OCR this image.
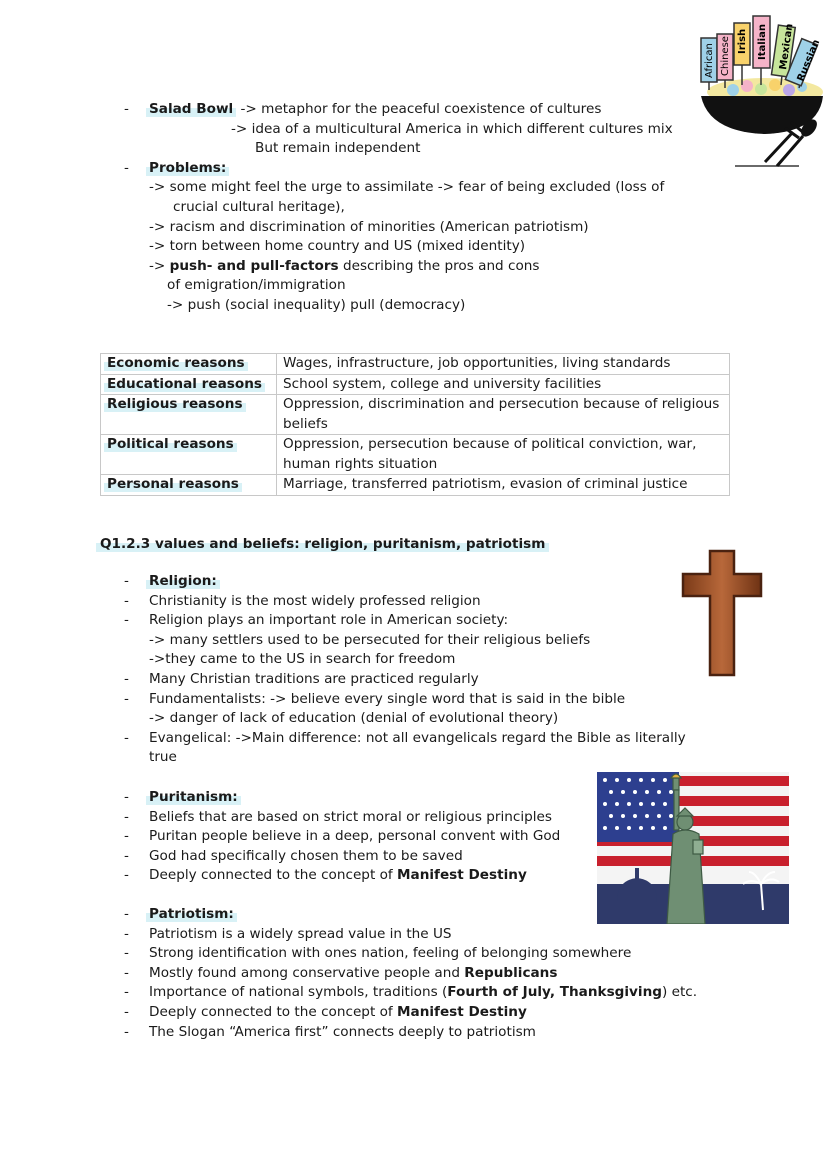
African Chinese Irish Italian Mexican Russian
- Salad Bowl -> metaphor for the peaceful coexistence of cultures
-> idea of a multicultural America in which different cultures mix
But remain independent
- Problems:
-> some might feel the urge to assimilate -> fear of being excluded (loss of
crucial cultural heritage),
-> racism and discrimination of minorities (American patriotism)
-> torn between home country and US (mixed identity)
-> push- and pull-factors describing the pros and cons
of emigration/immigration
-> push (social inequality) pull (democracy)
Economic reasons	Wages, infrastructure, job opportunities, living standards
Educational reasons	School system, college and university facilities
Religious reasons	Oppression, discrimination and persecution because of religious beliefs
Political reasons	Oppression, persecution because of political conviction, war, human rights situation
Personal reasons	Marriage, transferred patriotism, evasion of criminal justice
Q1.2.3 values and beliefs: religion, puritanism, patriotism
- Religion:
- Christianity is the most widely professed religion
- Religion plays an important role in American society:
-> many settlers used to be persecuted for their religious beliefs
->they came to the US in search for freedom
- Many Christian traditions are practiced regularly
- Fundamentalists: -> believe every single word that is said in the bible
-> danger of lack of education (denial of evolutional theory)
- Evangelical: ->Main difference: not all evangelicals regard the Bible as literally
true
- Puritanism:
- Beliefs that are based on strict moral or religious principles
- Puritan people believe in a deep, personal convent with God
- God had specifically chosen them to be saved
- Deeply connected to the concept of Manifest Destiny
- Patriotism:
- Patriotism is a widely spread value in the US
- Strong identification with ones nation, feeling of belonging somewhere
- Mostly found among conservative people and Republicans
- Importance of national symbols, traditions (Fourth of July, Thanksgiving) etc.
- Deeply connected to the concept of Manifest Destiny
- The Slogan “America first” connects deeply to patriotism
